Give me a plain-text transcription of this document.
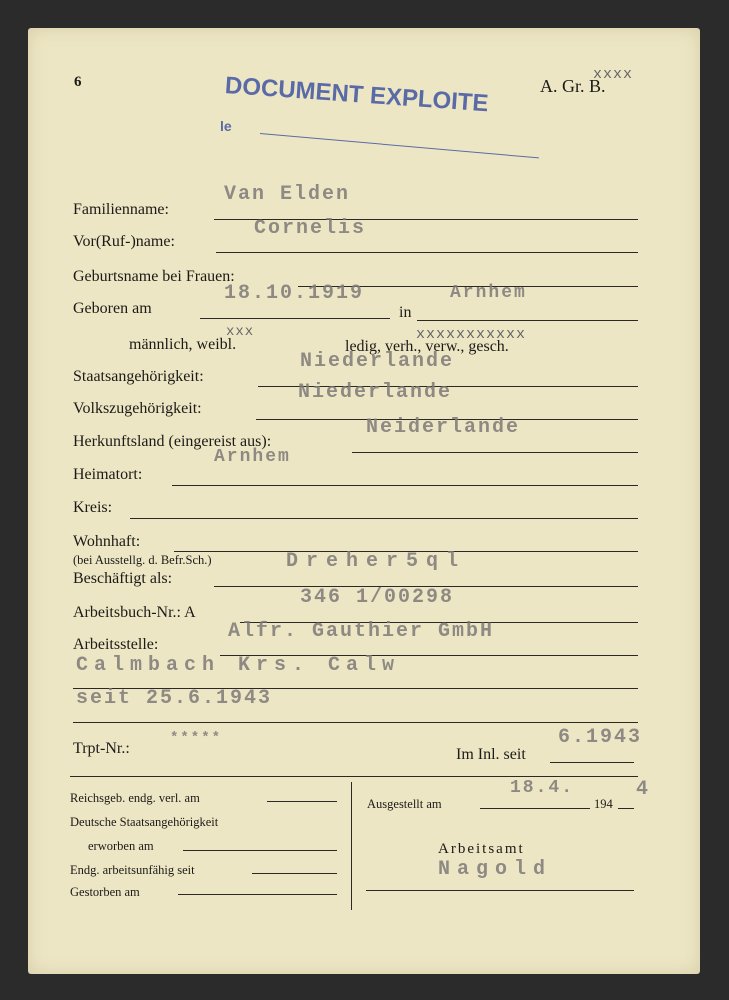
6	A. Gr. B.
xxxx
DOCUMENT EXPLOITE
le
Familienname:
Van Elden
Vor(Ruf-)name:
Cornelis
Geburtsname bei Frauen:
Geboren am
18.10.1919
in
Arnhem
männlich, weibl.
xxx
ledig, verh., verw., gesch.
xxxxxxxxxxx
Staatsangehörigkeit:
Niederlande
Volkszugehörigkeit:
Niederlande
Herkunftsland (eingereist aus):
Neiderlande
Heimatort:
Arnhem
Kreis:
Wohnhaft:
(bei Ausstellg. d. Befr.Sch.)
Beschäftigt als:
Dreher5ql
Arbeitsbuch-Nr.: A
346 1/00298
Arbeitsstelle:
Alfr. Gauthier GmbH
Calmbach Krs. Calw
seit 25.6.1943
Trpt-Nr.:
*****
Im Inl. seit
6.1943
Reichsgeb. endg. verl. am
Deutsche Staatsangehörigkeit
erworben am
Endg. arbeitsunfähig seit
Gestorben am
Ausgestellt am
18.4.
194
4
Arbeitsamt
Nagold
